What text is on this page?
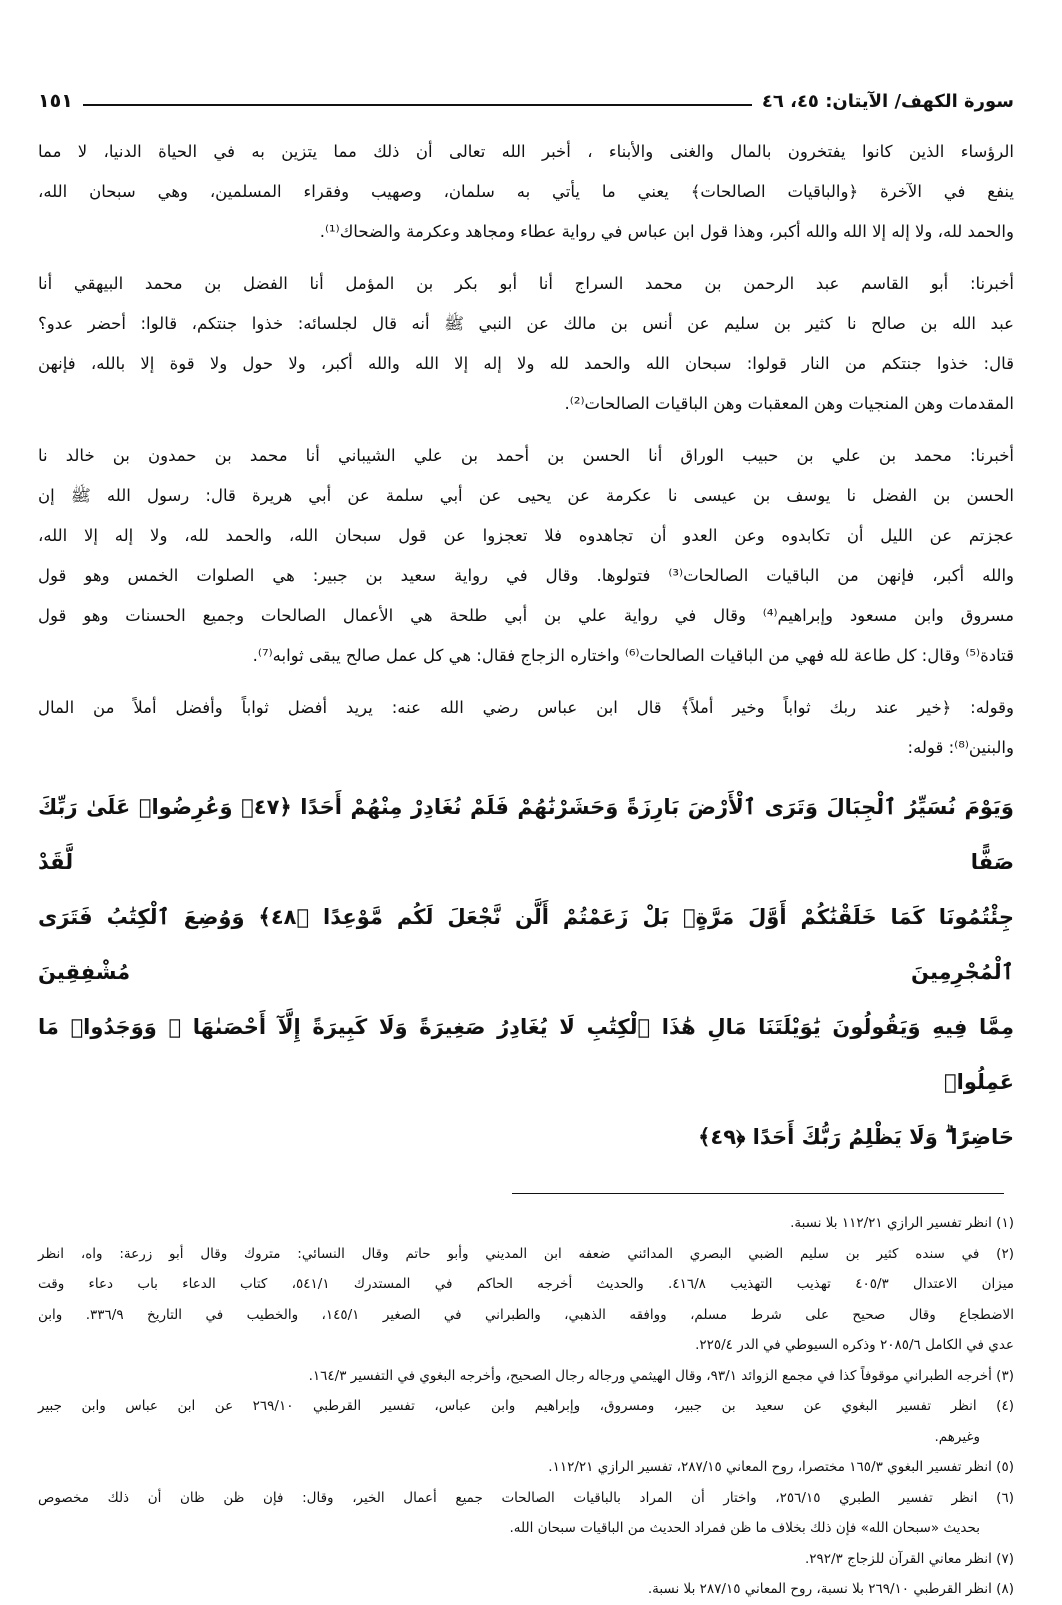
سورة الكهف/ الآيتان: ٤٥، ٤٦
١٥١
الرؤساء الذين كانوا يفتخرون بالمال والغنى والأبناء ، أخبر الله تعالى أن ذلك مما يتزين به في الحياة الدنيا، لا مما
ينفع في الآخرة ﴿والباقيات الصالحات﴾ يعني ما يأتي به سلمان، وصهيب وفقراء المسلمين، وهي سبحان الله،
والحمد لله، ولا إله إلا الله والله أكبر، وهذا قول ابن عباس في رواية عطاء ومجاهد وعكرمة والضحاك⁽¹⁾.
أخبرنا: أبو القاسم عبد الرحمن بن محمد السراج أنا أبو بكر بن المؤمل أنا الفضل بن محمد البيهقي أنا
عبد الله بن صالح نا كثير بن سليم عن أنس بن مالك عن النبي ﷺ أنه قال لجلسائه: خذوا جنتكم، قالوا: أحضر عدو؟
قال: خذوا جنتكم من النار قولوا: سبحان الله والحمد لله ولا إله إلا الله والله أكبر، ولا حول ولا قوة إلا بالله، فإنهن
المقدمات وهن المنجيات وهن المعقبات وهن الباقيات الصالحات⁽²⁾.
أخبرنا: محمد بن علي بن حبيب الوراق أنا الحسن بن أحمد بن علي الشيباني أنا محمد بن حمدون بن خالد نا
الحسن بن الفضل نا يوسف بن عيسى نا عكرمة عن يحيى عن أبي سلمة عن أبي هريرة قال: رسول الله ﷺ إن
عجزتم عن الليل أن تكابدوه وعن العدو أن تجاهدوه فلا تعجزوا عن قول سبحان الله، والحمد لله، ولا إله إلا الله،
والله أكبر، فإنهن من الباقيات الصالحات⁽³⁾ فتولوها. وقال في رواية سعيد بن جبير: هي الصلوات الخمس وهو قول
مسروق وابن مسعود وإبراهيم⁽⁴⁾ وقال في رواية علي بن أبي طلحة هي الأعمال الصالحات وجميع الحسنات وهو قول
قتادة⁽⁵⁾ وقال: كل طاعة لله فهي من الباقيات الصالحات⁽⁶⁾ واختاره الزجاج فقال: هي كل عمل صالح يبقى ثوابه⁽⁷⁾.
وقوله: ﴿خير عند ربك ثواباً وخير أملاً﴾ قال ابن عباس رضي الله عنه: يريد أفضل ثواباً وأفضل أملاً من المال
والبنين⁽⁸⁾: قوله:
وَيَوْمَ نُسَيِّرُ ٱلْجِبَالَ وَتَرَى ٱلْأَرْضَ بَارِزَةً وَحَشَرْنَٰهُمْ فَلَمْ نُغَادِرْ مِنْهُمْ أَحَدًا ﴿٤٧﴾ وَعُرِضُوا۟ عَلَىٰ رَبِّكَ صَفًّا لَّقَدْ
جِئْتُمُونَا كَمَا خَلَقْنَٰكُمْ أَوَّلَ مَرَّةٍۭ بَلْ زَعَمْتُمْ أَلَّن نَّجْعَلَ لَكُم مَّوْعِدًا ﴿٤٨﴾ وَوُضِعَ ٱلْكِتَٰبُ فَتَرَى ٱلْمُجْرِمِينَ مُشْفِقِينَ
مِمَّا فِيهِ وَيَقُولُونَ يَٰوَيْلَتَنَا مَالِ هَٰذَا ٱلْكِتَٰبِ لَا يُغَادِرُ صَغِيرَةً وَلَا كَبِيرَةً إِلَّآ أَحْصَىٰهَا ۚ وَوَجَدُوا۟ مَا عَمِلُوا۟
حَاضِرًا ۗ وَلَا يَظْلِمُ رَبُّكَ أَحَدًا ﴿٤٩﴾
(١) انظر تفسير الرازي ١١٢/٢١ بلا نسبة.
(٢) في سنده كثير بن سليم الضبي البصري المدائني ضعفه ابن المديني وأبو حاتم وقال النسائي: متروك وقال أبو زرعة: واه، انظر
ميزان الاعتدال ٤٠٥/٣ تهذيب التهذيب ٤١٦/٨. والحديث أخرجه الحاكم في المستدرك ٥٤١/١، كتاب الدعاء باب دعاء وقت
الاضطجاع وقال صحيح على شرط مسلم، ووافقه الذهبي، والطبراني في الصغير ١٤٥/١، والخطيب في التاريخ ٣٣٦/٩. وابن
عدي في الكامل ٢٠٨٥/٦ وذكره السيوطي في الدر ٢٢٥/٤.
(٣) أخرجه الطبراني موقوفاً كذا في مجمع الزوائد ٩٣/١، وقال الهيثمي ورجاله رجال الصحيح، وأخرجه البغوي في التفسير ١٦٤/٣.
(٤) انظر تفسير البغوي عن سعيد بن جبير، ومسروق، وإبراهيم وابن عباس، تفسير القرطبي ٢٦٩/١٠ عن ابن عباس وابن جبير
وغيرهم.
(٥) انظر تفسير البغوي ١٦٥/٣ مختصرا، روح المعاني ٢٨٧/١٥، تفسير الرازي ١١٢/٢١.
(٦) انظر تفسير الطبري ٢٥٦/١٥، واختار أن المراد بالباقيات الصالحات جميع أعمال الخير، وقال: فإن ظن ظان أن ذلك مخصوص
بحديث «سبحان الله» فإن ذلك بخلاف ما ظن فمراد الحديث من الباقيات سبحان الله.
(٧) انظر معاني القرآن للزجاج ٢٩٢/٣.
(٨) انظر القرطبي ٢٦٩/١٠ بلا نسبة، روح المعاني ٢٨٧/١٥ بلا نسبة.
